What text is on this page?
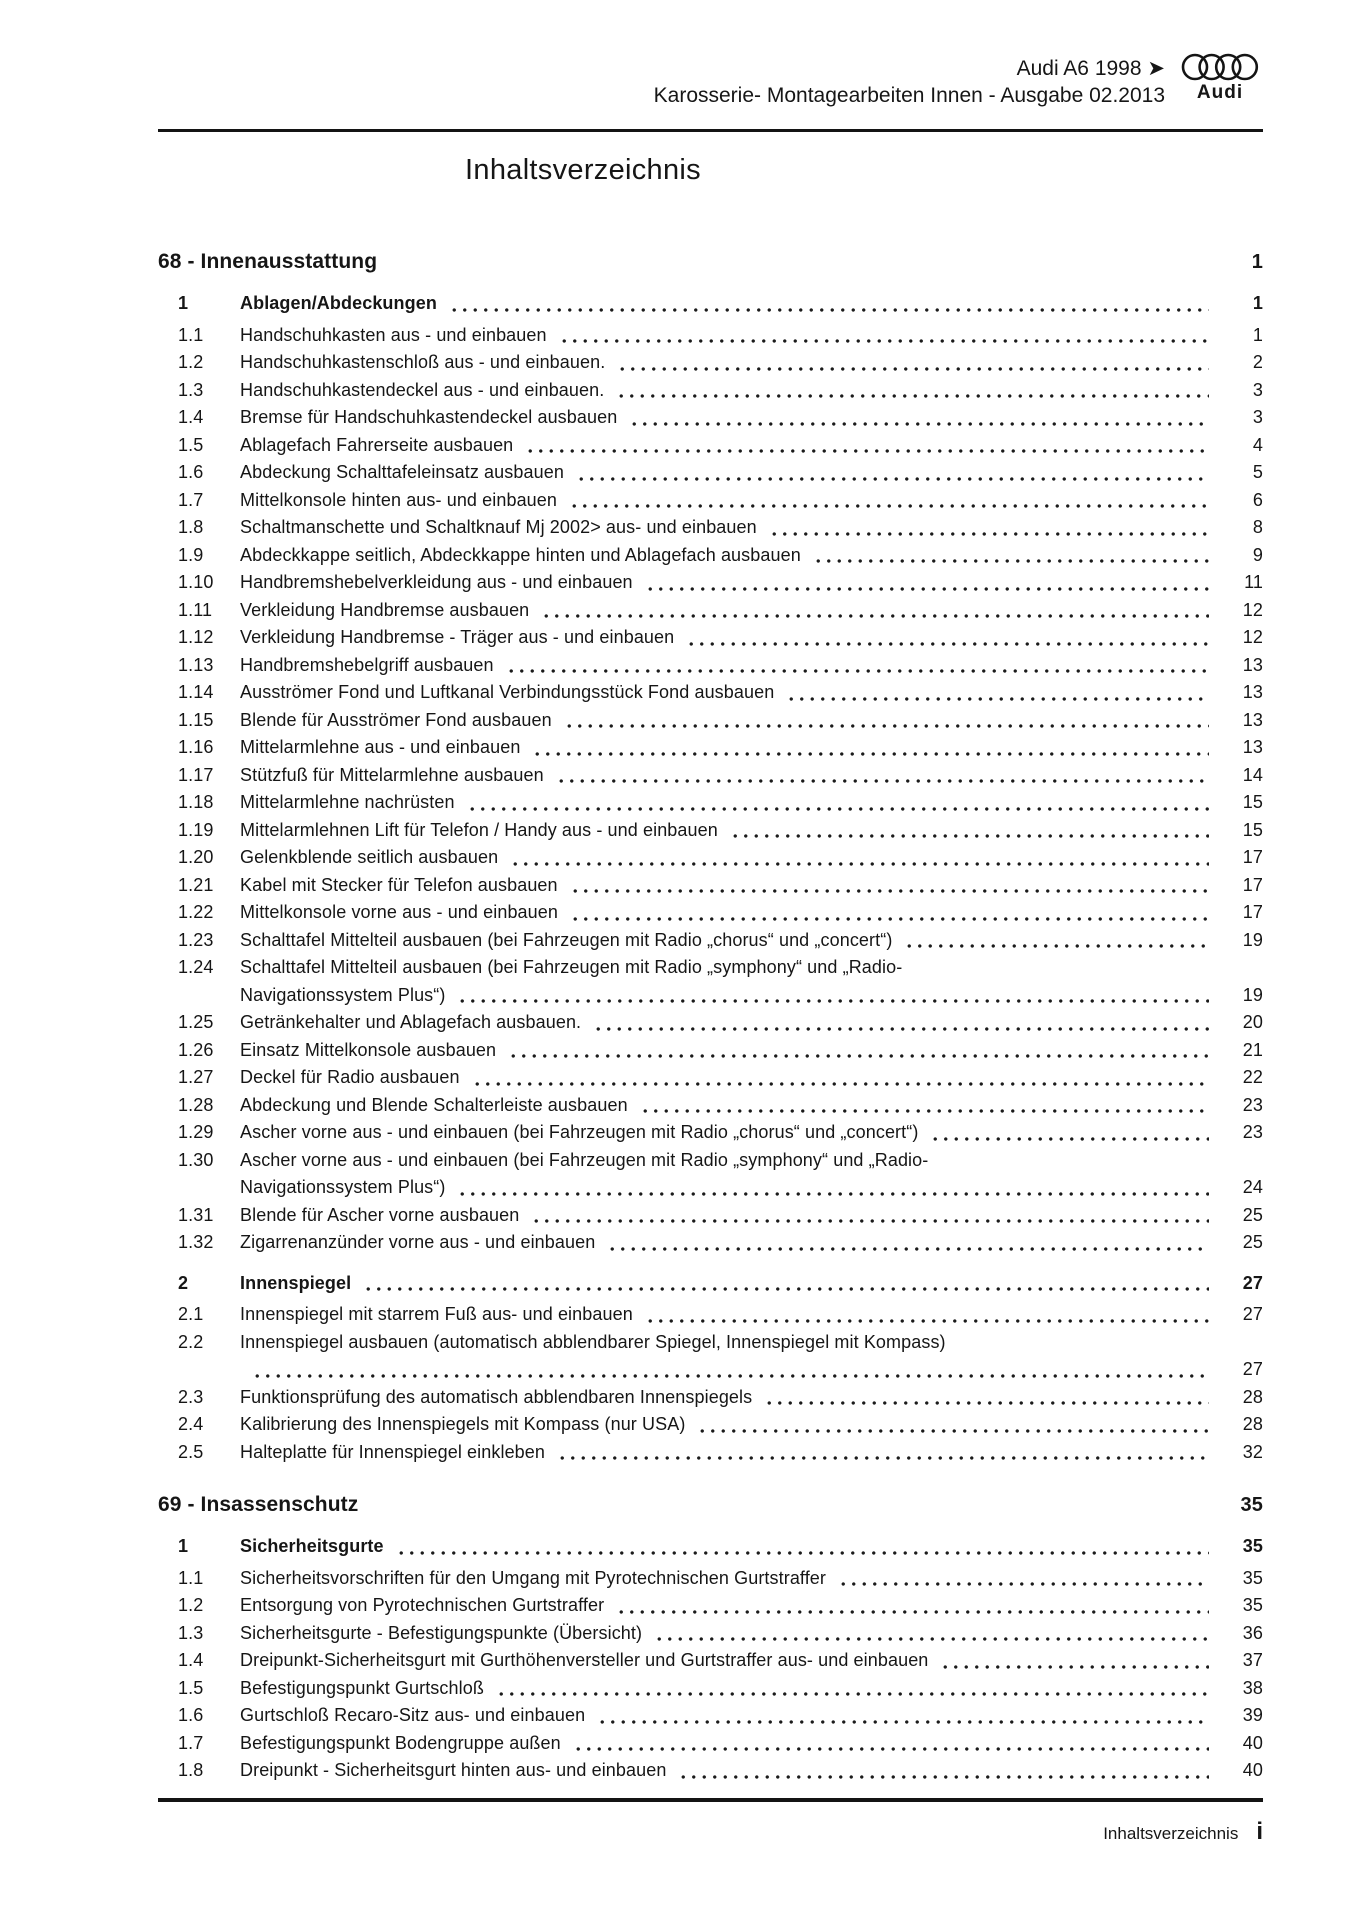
Audi A6 1998 ➤
Karosserie- Montagearbeiten Innen - Ausgabe 02.2013	Audi
Inhaltsverzeichnis
68 - Innenausstattung	1
1	Ablagen/Abdeckungen	1
1.1	Handschuhkasten aus - und einbauen	1
1.2	Handschuhkastenschloß aus - und einbauen.	2
1.3	Handschuhkastendeckel aus - und einbauen.	3
1.4	Bremse für Handschuhkastendeckel ausbauen	3
1.5	Ablagefach Fahrerseite ausbauen	4
1.6	Abdeckung Schalttafeleinsatz ausbauen	5
1.7	Mittelkonsole hinten aus- und einbauen	6
1.8	Schaltmanschette und Schaltknauf Mj 2002> aus- und einbauen	8
1.9	Abdeckkappe seitlich, Abdeckkappe hinten und Ablagefach ausbauen	9
1.10	Handbremshebelverkleidung aus - und einbauen	11
1.11	Verkleidung Handbremse ausbauen	12
1.12	Verkleidung Handbremse - Träger aus - und einbauen	12
1.13	Handbremshebelgriff ausbauen	13
1.14	Ausströmer Fond und Luftkanal Verbindungsstück Fond ausbauen	13
1.15	Blende für Ausströmer Fond ausbauen	13
1.16	Mittelarmlehne aus - und einbauen	13
1.17	Stützfuß für Mittelarmlehne ausbauen	14
1.18	Mittelarmlehne nachrüsten	15
1.19	Mittelarmlehnen Lift für Telefon / Handy aus - und einbauen	15
1.20	Gelenkblende seitlich ausbauen	17
1.21	Kabel mit Stecker für Telefon ausbauen	17
1.22	Mittelkonsole vorne aus - und einbauen	17
1.23	Schalttafel Mittelteil ausbauen (bei Fahrzeugen mit Radio „chorus“ und „concert“)	19
1.24	Schalttafel Mittelteil ausbauen (bei Fahrzeugen mit Radio „symphony“ und „Radio-
Navigationssystem Plus“)	19
1.25	Getränkehalter und Ablagefach ausbauen.	20
1.26	Einsatz Mittelkonsole ausbauen	21
1.27	Deckel für Radio ausbauen	22
1.28	Abdeckung und Blende Schalterleiste ausbauen	23
1.29	Ascher vorne aus - und einbauen (bei Fahrzeugen mit Radio „chorus“ und „concert“)	23
1.30	Ascher vorne aus - und einbauen (bei Fahrzeugen mit Radio „symphony“ und „Radio-
Navigationssystem Plus“)	24
1.31	Blende für Ascher vorne ausbauen	25
1.32	Zigarrenanzünder vorne aus - und einbauen	25
2	Innenspiegel	27
2.1	Innenspiegel mit starrem Fuß aus- und einbauen	27
2.2	Innenspiegel ausbauen (automatisch abblendbarer Spiegel, Innenspiegel mit Kompass)
27
2.3	Funktionsprüfung des automatisch abblendbaren Innenspiegels	28
2.4	Kalibrierung des Innenspiegels mit Kompass (nur USA)	28
2.5	Halteplatte für Innenspiegel einkleben	32
69 - Insassenschutz	35
1	Sicherheitsgurte	35
1.1	Sicherheitsvorschriften für den Umgang mit Pyrotechnischen Gurtstraffer	35
1.2	Entsorgung von Pyrotechnischen Gurtstraffer	35
1.3	Sicherheitsgurte - Befestigungspunkte (Übersicht)	36
1.4	Dreipunkt-Sicherheitsgurt mit Gurthöhenversteller und Gurtstraffer aus- und einbauen	37
1.5	Befestigungspunkt Gurtschloß	38
1.6	Gurtschloß Recaro-Sitz aus- und einbauen	39
1.7	Befestigungspunkt Bodengruppe außen	40
1.8	Dreipunkt - Sicherheitsgurt hinten aus- und einbauen	40
Inhaltsverzeichnis i
